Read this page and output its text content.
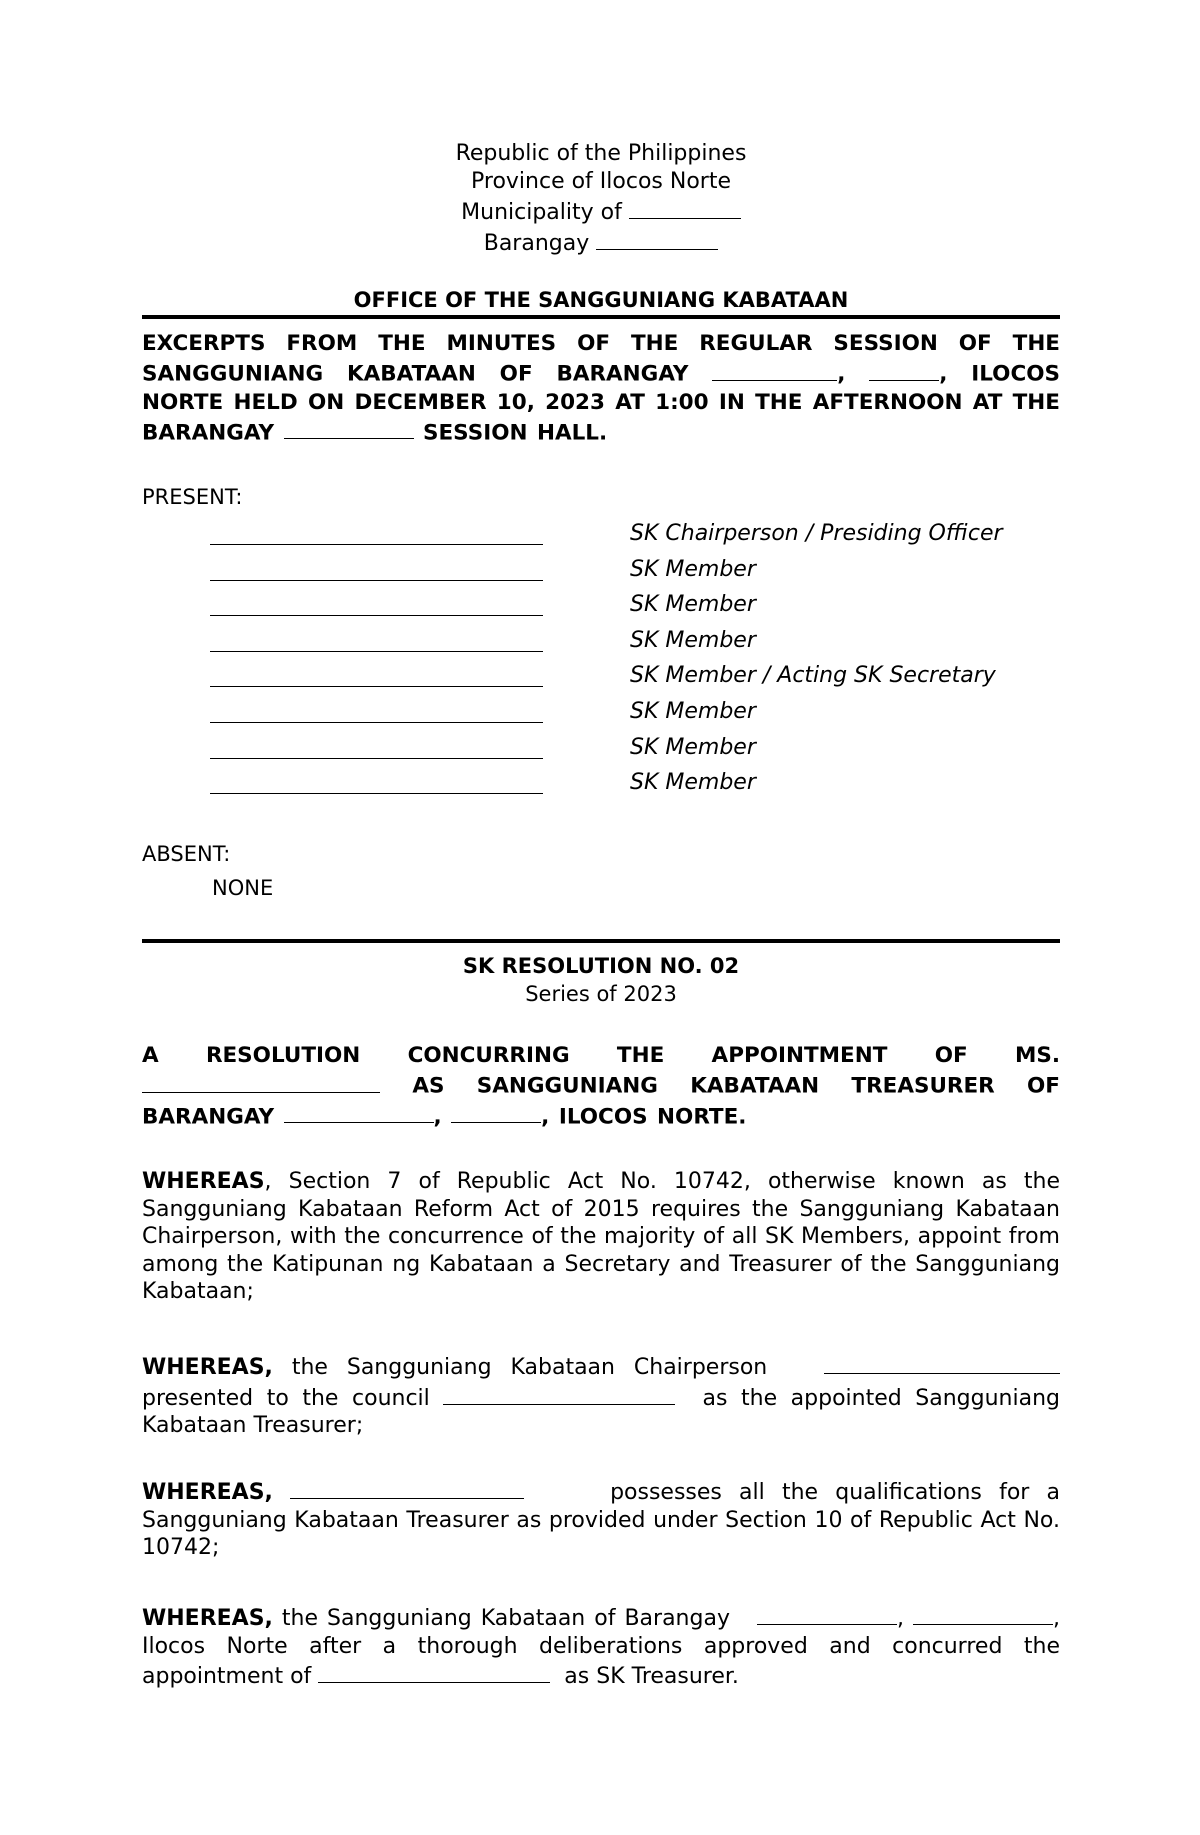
Republic of the Philippines
Province of Ilocos Norte
Municipality of
Barangay
OFFICE OF THE SANGGUNIANG KABATAAN
EXCERPTS FROM THE MINUTES OF THE REGULAR SESSION OF THE SANGGUNIANG KABATAAN OF BARANGAY	,	, ILOCOS NORTE HELD ON DECEMBER 10, 2023 AT 1:00 IN THE AFTERNOON AT THE BARANGAY	SESSION HALL.
PRESENT:
SK Chairperson / Presiding Officer
SK Member
SK Member
SK Member
SK Member / Acting SK Secretary
SK Member
SK Member
SK Member
ABSENT:
NONE
SK RESOLUTION NO. 02
Series of 2023
A RESOLUTION CONCURRING THE APPOINTMENT OF MS.  AS SANGGUNIANG KABATAAN TREASURER OF BARANGAY	,	, ILOCOS NORTE.
WHEREAS, Section 7 of Republic Act No. 10742, otherwise known as the Sangguniang Kabataan Reform Act of 2015 requires the Sangguniang Kabataan Chairperson, with the concurrence of the majority of all SK Members, appoint from among the Katipunan ng Kabataan a Secretary and Treasurer of the Sangguniang Kabataan;
WHEREAS, the Sangguniang Kabataan Chairperson    presented to the council	as the appointed Sangguniang Kabataan Treasurer;
WHEREAS,	possesses all the qualifications for a Sangguniang Kabataan Treasurer as provided under Section 10 of Republic Act No. 10742;
WHEREAS, the Sangguniang Kabataan of Barangay	,	, Ilocos Norte after a thorough deliberations approved and concurred the appointment of	as SK Treasurer.
